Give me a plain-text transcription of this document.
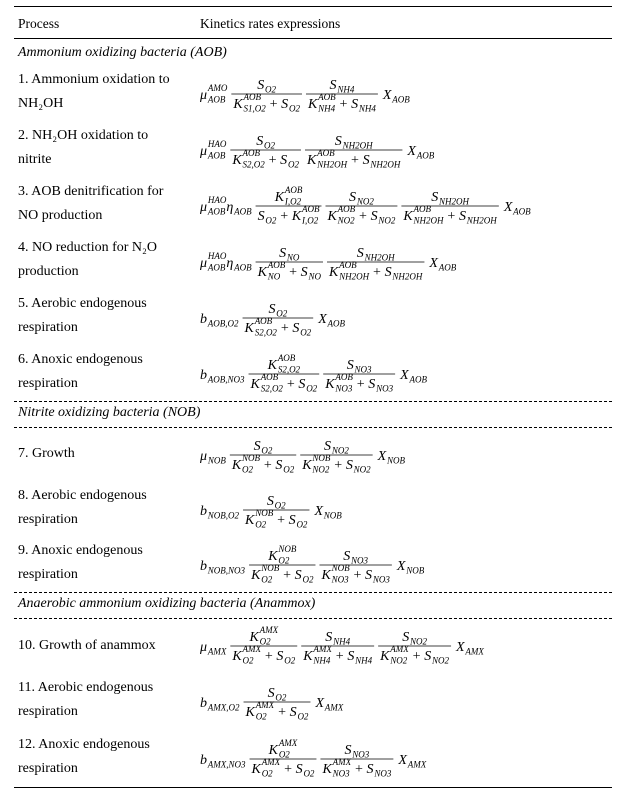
Process	Kinetics rates expressions
Ammonium oxidizing bacteria (AOB)
1. Ammonium oxidation to
NH₂OH
2. NH₂OH oxidation to
nitrite
3. AOB denitrification for
NO production
4. NO reduction for N₂O
production
5. Aerobic endogenous
respiration
6. Anoxic endogenous
respiration
Nitrite oxidizing bacteria (NOB)
7. Growth
8. Aerobic endogenous
respiration
9. Anoxic endogenous
respiration
Anaerobic ammonium oxidizing bacteria (Anammox)
10. Growth of anammox
11. Aerobic endogenous
respiration
12. Anoxic endogenous
respiration
μ AOB
AMO S O2
K S1,O2
AOB + S O2
S NH4
K NH4
AOB + S NH4
X AOB
μ AOB
HAO S O2
K S2,O2
AOB + S O2
S NH2OH
K NH2OH
AOB + S NH2OH
X AOB
μ AOB
HAO η AOB
K I,O2
AOB
S O2 + K I,O2
AOB
S NO2
K NO2
AOB + S NO2
S NH2OH
K NH2OH
AOB + S NH2OH
X AOB
μ AOB
HAO η AOB
S NO
K NO
AOB + S NO
S NH2OH
K NH2OH
AOB + S NH2OH
X AOB
b AOB,O2
S O2
K S2,O2
AOB + S O2
X AOB
b AOB,NO3
K S2,O2
AOB
K S2,O2
AOB + S O2
S NO3
K NO3
AOB + S NO3
X AOB
μ NOB
S O2
K O2
NOB + S O2
S NO2
K NO2
NOB + S NO2
X NOB
b NOB,O2
S O2
K O2
NOB + S O2
X NOB
b NOB,NO3
K O2
NOB
K O2
NOB + S O2
S NO3
K NO3
NOB + S NO3
X NOB
μ AMX
K O2
AMX
K O2
AMX + S O2
S NH4
K NH4
AMX + S NH4
S NO2
K NO2
AMX + S NO2
X AMX
b AMX,O2
S O2
K O2
AMX + S O2
X AMX
b AMX,NO3
K O2
AMX
K O2
AMX + S O2
S NO3
K NO3
AMX + S NO3
X AMX
